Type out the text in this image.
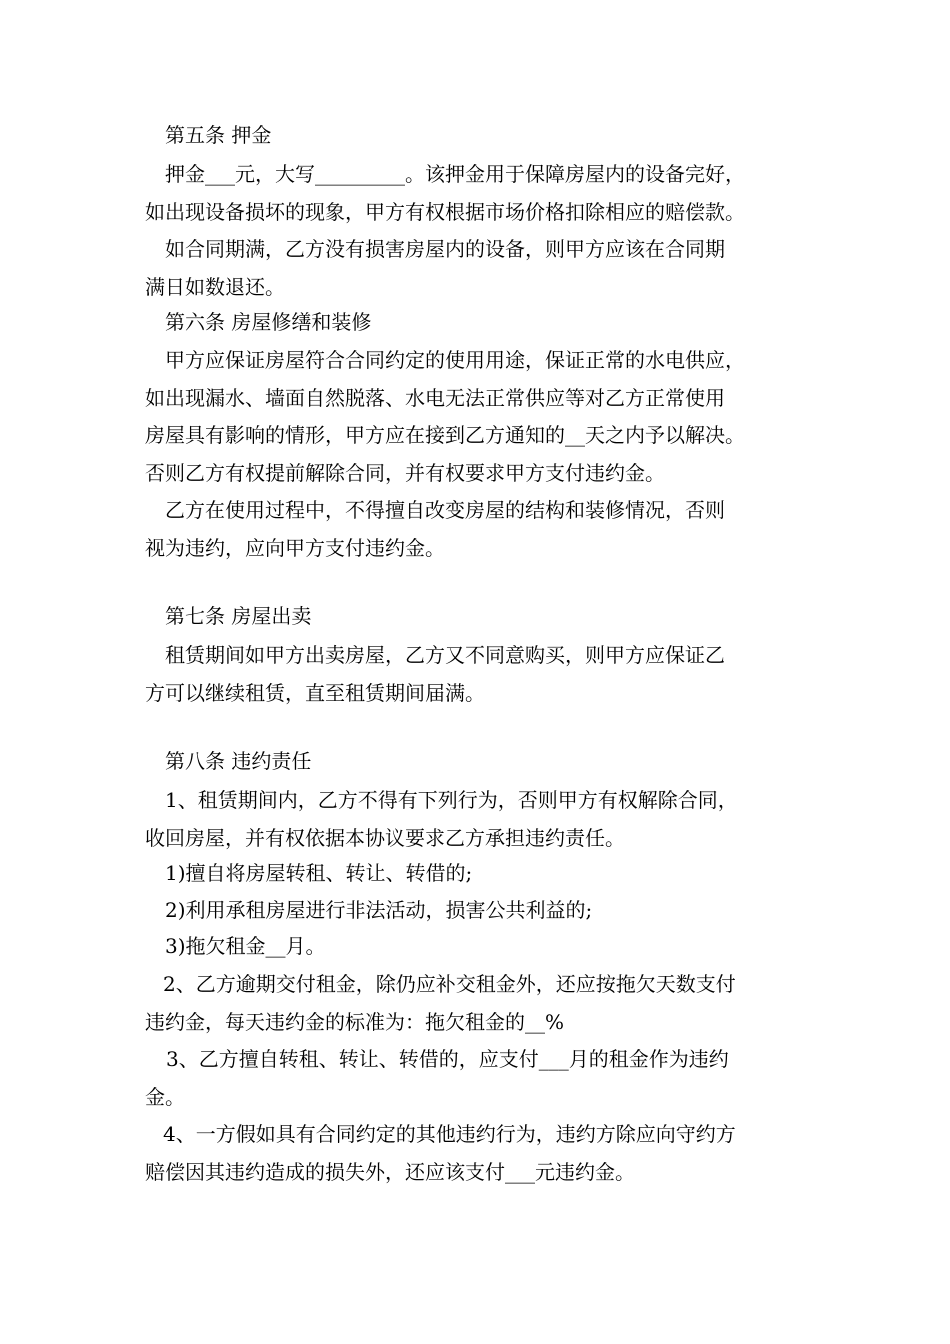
第五条 押金

押金___元，大写_________。该押金用于保障房屋内的设备完好，

如出现设备损坏的现象，甲方有权根据市场价格扣除相应的赔偿款。

如合同期满，乙方没有损害房屋内的设备，则甲方应该在合同期

满日如数退还。

第六条 房屋修缮和装修

甲方应保证房屋符合合同约定的使用用途，保证正常的水电供应，

如出现漏水、墙面自然脱落、水电无法正常供应等对乙方正常使用

房屋具有影响的情形，甲方应在接到乙方通知的__天之内予以解决。

否则乙方有权提前解除合同，并有权要求甲方支付违约金。

乙方在使用过程中，不得擅自改变房屋的结构和装修情况，否则

视为违约，应向甲方支付违约金。

第七条 房屋出卖

租赁期间如甲方出卖房屋，乙方又不同意购买，则甲方应保证乙

方可以继续租赁，直至租赁期间届满。

第八条 违约责任

1、租赁期间内，乙方不得有下列行为，否则甲方有权解除合同，

收回房屋，并有权依据本协议要求乙方承担违约责任。

1)擅自将房屋转租、转让、转借的;

2)利用承租房屋进行非法活动，损害公共利益的;

3)拖欠租金__月。

2、乙方逾期交付租金，除仍应补交租金外，还应按拖欠天数支付

违约金，每天违约金的标准为：拖欠租金的__%

3、乙方擅自转租、转让、转借的，应支付___月的租金作为违约

金。

4、一方假如具有合同约定的其他违约行为，违约方除应向守约方

赔偿因其违约造成的损失外，还应该支付___元违约金。
